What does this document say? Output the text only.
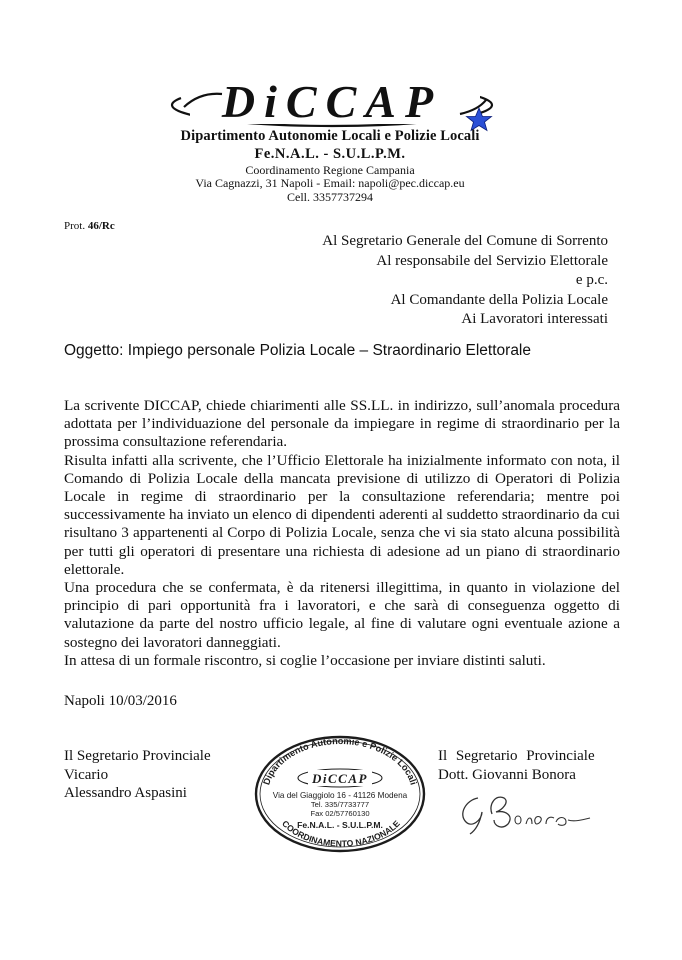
DiCCAP
Dipartimento Autonomie Locali e Polizie Locali
Fe.N.A.L. - S.U.L.P.M.
Coordinamento Regione Campania
Via Cagnazzi, 31 Napoli - Email: napoli@pec.diccap.eu
Cell. 3357737294
Prot. 46/Rc
Al Segretario Generale del Comune di Sorrento
Al responsabile del Servizio Elettorale
e p.c.
Al Comandante della Polizia Locale
Ai Lavoratori interessati
Oggetto: Impiego personale Polizia Locale – Straordinario Elettorale

La scrivente DICCAP, chiede chiarimenti alle SS.LL. in indirizzo, sull’anomala procedura adottata per l’individuazione del personale da impiegare in regime di straordinario per la prossima consultazione referendaria.

Risulta infatti alla scrivente, che l’Ufficio Elettorale ha inizialmente informato con nota, il Comando di Polizia Locale della mancata previsione di utilizzo di Operatori di Polizia Locale in regime di straordinario per la consultazione referendaria; mentre poi successivamente ha inviato un elenco di dipendenti aderenti al suddetto straordinario da cui risultano 3 appartenenti al Corpo di Polizia Locale, senza che vi sia stato alcuna possibilità per tutti gli operatori di presentare una richiesta di adesione ad un piano di straordinario elettorale.

Una procedura che se confermata, è da ritenersi illegittima, in quanto in violazione del principio di pari opportunità fra i lavoratori, e che sarà di conseguenza oggetto di valutazione da parte del nostro ufficio legale, al fine di valutare ogni eventuale azione a sostegno dei lavoratori danneggiati.

In attesa di un formale riscontro, si coglie l’occasione per inviare distinti saluti.

Napoli 10/03/2016
Il Segretario Provinciale
Vicario
Alessandro Aspasini
Il Segretario Provinciale
Dott. Giovanni Bonora
Dipartimento Autonomie e Polizie Locali
DiCCAP
Via del Giaggiolo 16 - 41126 Modena
Tel. 335/7733777
Fax 02/57760130
Fe.N.A.L. - S.U.L.P.M.
COORDINAMENTO NAZIONALE
